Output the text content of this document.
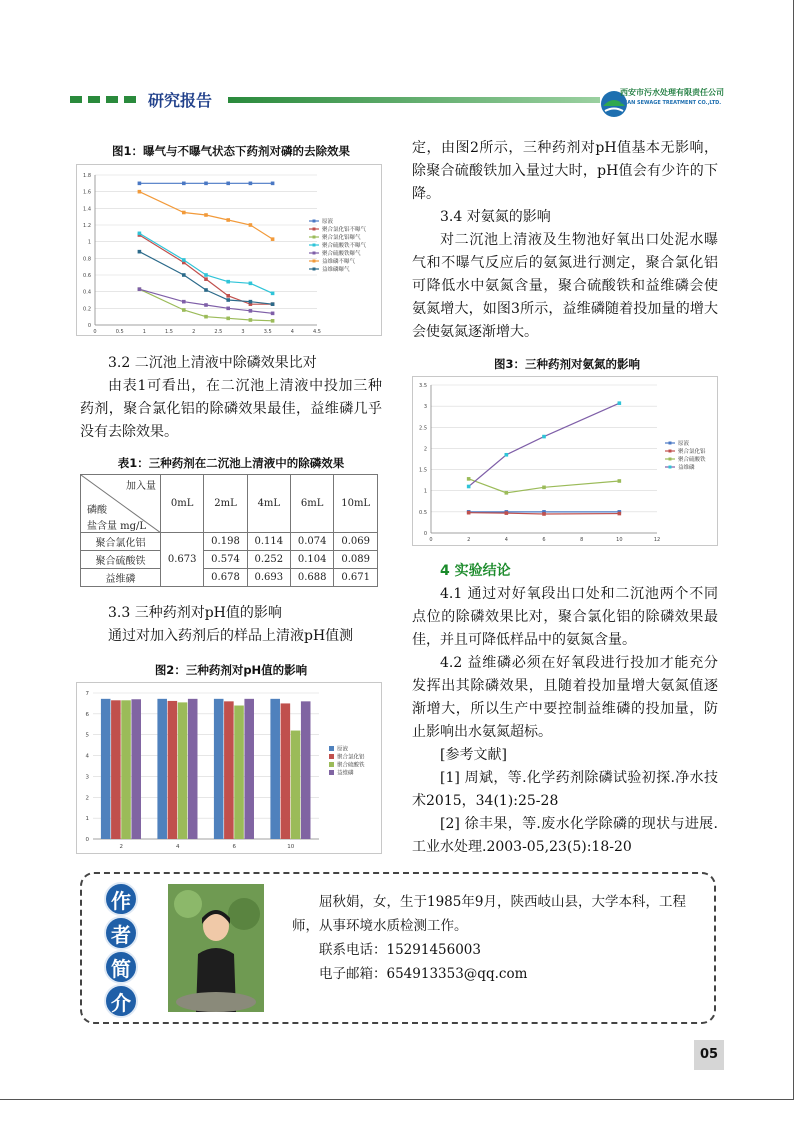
研究报告	西安市污水处理有限责任公司
XI'AN SEWAGE TREATMENT CO.,LTD.
图1：曝气与不曝气状态下药剂对磷的去除效果
0
0.2
0.4
0.6
0.8
1
1.2
1.4
1.6
1.8
0	0.5	1	1.5	2	2.5	3	3.5	4	4.5
原液
聚合氯化铝不曝气
聚合氯化铝曝气
聚合硫酸铁不曝气
聚合硫酸铁曝气
益维磷不曝气
益维磷曝气
3.2 二沉池上清液中除磷效果比对
由表1可看出，在二沉池上清液中投加三种药剂，聚合氯化铝的除磷效果最佳，益维磷几乎没有去除效果。
表1：三种药剂在二沉池上清液中的除磷效果
加入量
磷酸
盐含量 mg/L	0mL	2mL	4mL	6mL	10mL

聚合氯化铝	0.673	0.198	0.114	0.074	0.069
聚合硫酸铁		0.574	0.252	0.104	0.089
益维磷		0.678	0.693	0.688	0.671
3.3 三种药剂对pH值的影响
通过对加入药剂后的样品上清液pH值测
图2：三种药剂对pH值的影响
0
1
2
3
4
5
6
7
2	4	6	10
原液
聚合氯化铝
聚合硫酸铁
益维磷
定，由图2所示，三种药剂对pH值基本无影响，除聚合硫酸铁加入量过大时，pH值会有少许的下降。
3.4 对氨氮的影响
对二沉池上清液及生物池好氧出口处泥水曝气和不曝气反应后的氨氮进行测定，聚合氯化铝可降低水中氨氮含量，聚合硫酸铁和益维磷会使氨氮增大，如图3所示，益维磷随着投加量的增大会使氨氮逐渐增大。
图3：三种药剂对氨氮的影响
0
0.5
1
1.5
2
2.5
3
3.5
0	2	4	6	8	10	12
原液
聚合氯化铝
聚合硫酸铁
益维磷
4 实验结论
4.1 通过对好氧段出口处和二沉池两个不同点位的除磷效果比对，聚合氯化铝的除磷效果最佳，并且可降低样品中的氨氮含量。
4.2 益维磷必须在好氧段进行投加才能充分发挥出其除磷效果，且随着投加量增大氨氮值逐渐增大，所以生产中要控制益维磷的投加量，防止影响出水氨氮超标。
[参考文献]
[1] 周斌，等.化学药剂除磷试验初探.净水技术2015，34(1):25-28
[2] 徐丰果，等.废水化学除磷的现状与进展.工业水处理.2003-05,23(5):18-20
作
者
简
介
屈秋娟，女，生于1985年9月，陕西岐山县，大学本科，工程师，从事环境水质检测工作。
联系电话：15291456003
电子邮箱：654913353@qq.com
05
